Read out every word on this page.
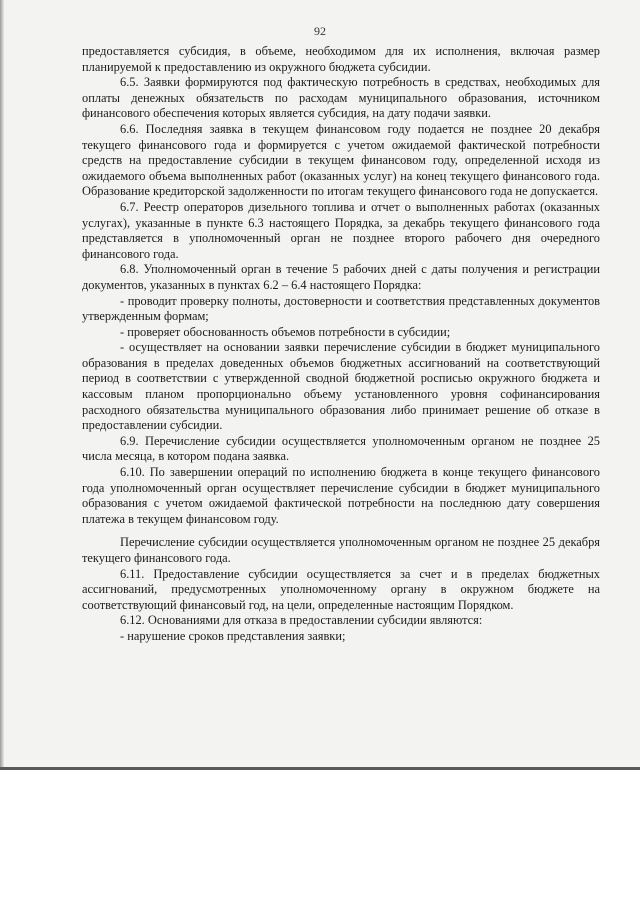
92

предоставляется субсидия, в объеме, необходимом для их исполнения, включая размер планируемой к предоставлению из окружного бюджета субсидии.

6.5. Заявки формируются под фактическую потребность в средствах, необходимых для оплаты денежных обязательств по расходам муниципального образования, источником финансового обеспечения которых является субсидия, на дату подачи заявки.

6.6. Последняя заявка в текущем финансовом году подается не позднее 20 декабря текущего финансового года и формируется с учетом ожидаемой фактической потребности средств на предоставление субсидии в текущем финансовом году, определенной исходя из ожидаемого объема выполненных работ (оказанных услуг) на конец текущего финансового года. Образование кредиторской задолженности по итогам текущего финансового года не допускается.

6.7. Реестр операторов дизельного топлива и отчет о выполненных работах (оказанных услугах), указанные в пункте 6.3 настоящего Порядка, за декабрь текущего финансового года представляется в уполномоченный орган не позднее второго рабочего дня очередного финансового года.

6.8. Уполномоченный орган в течение 5 рабочих дней с даты получения и регистрации документов, указанных в пунктах 6.2 – 6.4 настоящего Порядка:

- проводит проверку полноты, достоверности и соответствия представленных документов утвержденным формам;

- проверяет обоснованность объемов потребности в субсидии;

- осуществляет на основании заявки перечисление субсидии в бюджет муниципального образования в пределах доведенных объемов бюджетных ассигнований на соответствующий период в соответствии с утвержденной сводной бюджетной росписью окружного бюджета и кассовым планом пропорционально объему установленного уровня софинансирования расходного обязательства муниципального образования либо принимает решение об отказе в предоставлении субсидии.

6.9. Перечисление субсидии осуществляется уполномоченным органом не позднее 25 числа месяца, в котором подана заявка.

6.10. По завершении операций по исполнению бюджета в конце текущего финансового года уполномоченный орган осуществляет перечисление субсидии в бюджет муниципального образования с учетом ожидаемой фактической потребности на последнюю дату совершения платежа в текущем финансовом году.

Перечисление субсидии осуществляется уполномоченным органом не позднее 25 декабря текущего финансового года.

6.11. Предоставление субсидии осуществляется за счет и в пределах бюджетных ассигнований, предусмотренных уполномоченному органу в окружном бюджете на соответствующий финансовый год, на цели, определенные настоящим Порядком.

6.12. Основаниями для отказа в предоставлении субсидии являются:

- нарушение сроков представления заявки;
